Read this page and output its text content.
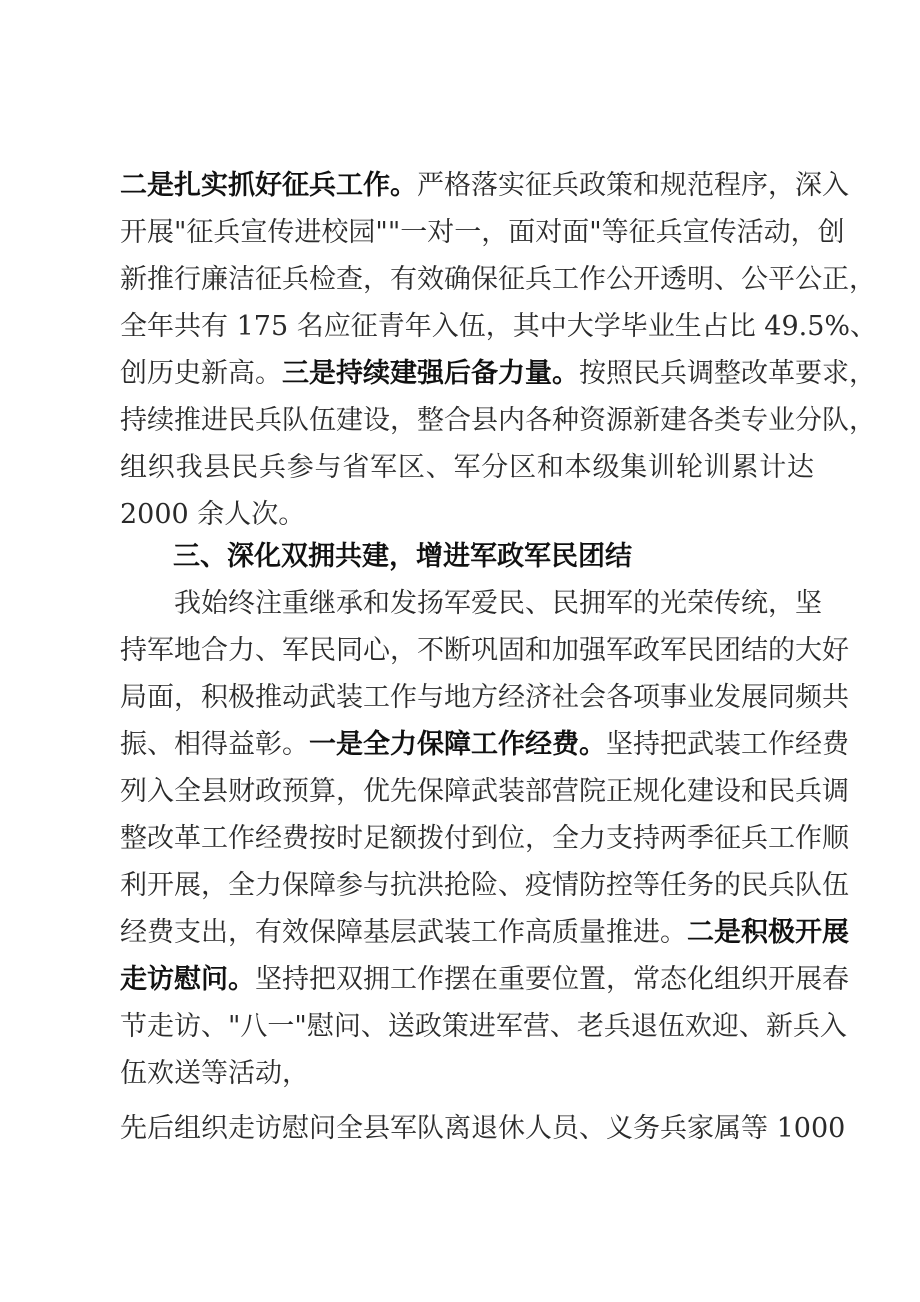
二是扎实抓好征兵工作。严格落实征兵政策和规范程序，深入
开展"征兵宣传进校园""一对一，面对面"等征兵宣传活动，创
新推行廉洁征兵检查，有效确保征兵工作公开透明、公平公正，
全年共有 175 名应征青年入伍，其中大学毕业生占比 49.5%、
创历史新高。三是持续建强后备力量。按照民兵调整改革要求，
持续推进民兵队伍建设，整合县内各种资源新建各类专业分队，
组织我县民兵参与省军区、军分区和本级集训轮训累计达
2000 余人次。
三、深化双拥共建，增进军政军民团结
我始终注重继承和发扬军爱民、民拥军的光荣传统，坚
持军地合力、军民同心，不断巩固和加强军政军民团结的大好
局面，积极推动武装工作与地方经济社会各项事业发展同频共
振、相得益彰。一是全力保障工作经费。坚持把武装工作经费
列入全县财政预算，优先保障武装部营院正规化建设和民兵调
整改革工作经费按时足额拨付到位，全力支持两季征兵工作顺
利开展，全力保障参与抗洪抢险、疫情防控等任务的民兵队伍
经费支出，有效保障基层武装工作高质量推进。二是积极开展
走访慰问。坚持把双拥工作摆在重要位置，常态化组织开展春
节走访、"八一"慰问、送政策进军营、老兵退伍欢迎、新兵入
伍欢送等活动，
先后组织走访慰问全县军队离退休人员、义务兵家属等 1000
